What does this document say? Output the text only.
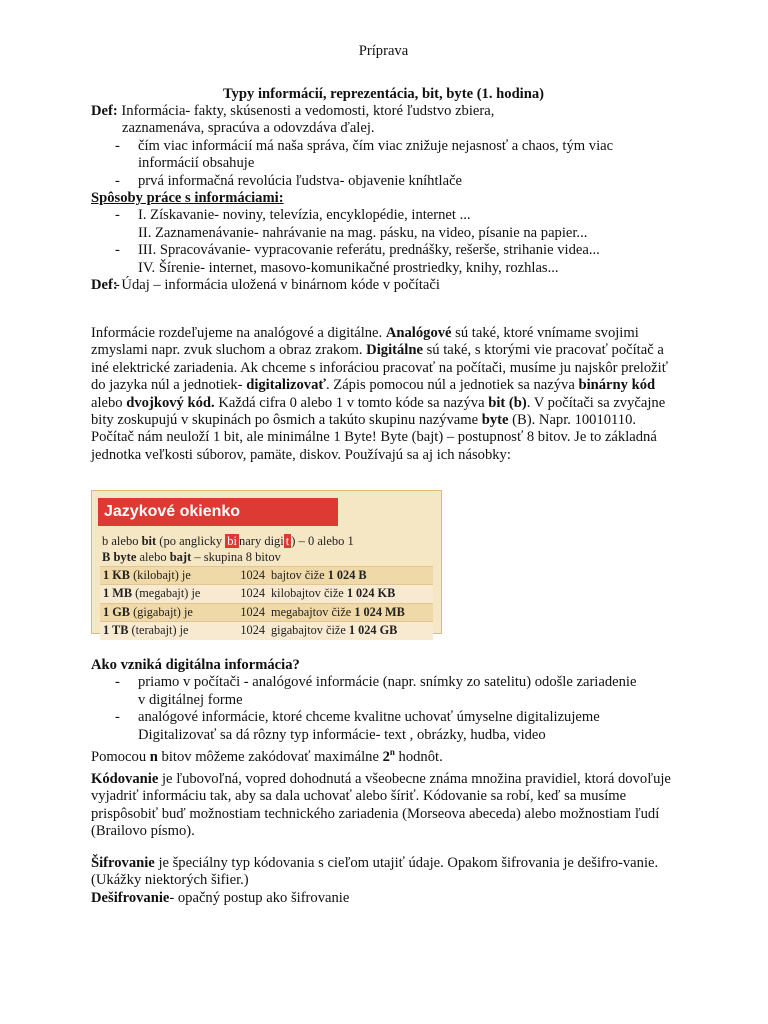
Príprava
Typy informácií, reprezentácia, bit, byte (1. hodina)

Def: Informácia- fakty, skúsenosti a vedomosti, ktoré ľudstvo zbiera,

zaznamenáva, spracúva a odovzdáva ďalej.

- čím viac informácií má naša správa, čím viac znižuje nejasnosť a chaos, tým viac

informácií obsahuje

- prvá informačná revolúcia ľudstva- objavenie kníhtlače

Spôsoby práce s informáciami:

- I. Získavanie- noviny, televízia, encyklopédie, internet ...

II. Zaznamenávanie- nahrávanie na mag. pásku, na video, písanie na papier...

- III. Spracovávanie- vypracovanie referátu, prednášky, rešerše, strihanie videa...

IV. Šírenie- internet, masovo-komunikačné prostriedky, knihy, rozhlas...

Def: Údaj – informácia uložená v binárnom kóde v počítači

Informácie rozdeľujeme na analógové a digitálne. Analógové sú také, ktoré vnímame svojimi zmyslami napr. zvuk sluchom a obraz zrakom. Digitálne sú také, s ktorými vie pracovať počítač a iné elektrické zariadenia. Ak chceme s inforáciou pracovať na počítači, musíme ju najskôr preložiť do jazyka núl a jednotiek- digitalizovať. Zápis pomocou núl a jednotiek sa nazýva binárny kód alebo dvojkový kód. Každá cifra 0 alebo 1 v tomto kóde sa nazýva bit (b). V počítači sa zvyčajne bity zoskupujú v skupinách po ôsmich a takúto skupinu nazývame byte (B). Napr. 10010110. Počítač nám neuloží 1 bit, ale minimálne 1 Byte! Byte (bajt) – postupnosť 8 bitov. Je to základná jednotka veľkosti súborov, pamäte, diskov. Používajú sa aj ich násobky:

Ako vzniká digitálna informácia?

- priamo v počítači - analógové informácie (napr. snímky zo satelitu) odošle zariadenie

v digitálnej forme

- analógové informácie, ktoré chceme kvalitne uchovať úmyselne digitalizujeme

Digitalizovať sa dá rôzny typ informácie- text , obrázky, hudba, video

Pomocou n bitov môžeme zakódovať maximálne 2$^n$ hodnôt.

Kódovanie je ľubovoľná, vopred dohodnutá a všeobecne známa množina pravidiel, ktorá dovoľuje vyjadriť informáciu tak, aby sa dala uchovať alebo šíriť. Kódovanie sa robí, keď sa musíme prispôsobiť buď možnostiam technického zariadenia (Morseova abeceda) alebo možnostiam ľudí (Brailovo písmo).

Šifrovanie je špeciálny typ kódovania s cieľom utajiť údaje. Opakom šifrovania je dešifro-vanie. (Ukážky niektorých šifier.)

Dešifrovanie- opačný postup ako šifrovanie

Jazykové okienko
b alebo bit (po anglicky bi nary digi t ) – 0 alebo 1
B byte alebo bajt – skupina 8 bitov
1 KB (kilobajt) je	1024	bajtov čiže 1 024 B
1 MB (megabajt) je	1024	kilobajtov čiže 1 024 KB
1 GB (gigabajt) je	1024	megabajtov čiže 1 024 MB
1 TB (terabajt) je	1024	gigabajtov čiže 1 024 GB
